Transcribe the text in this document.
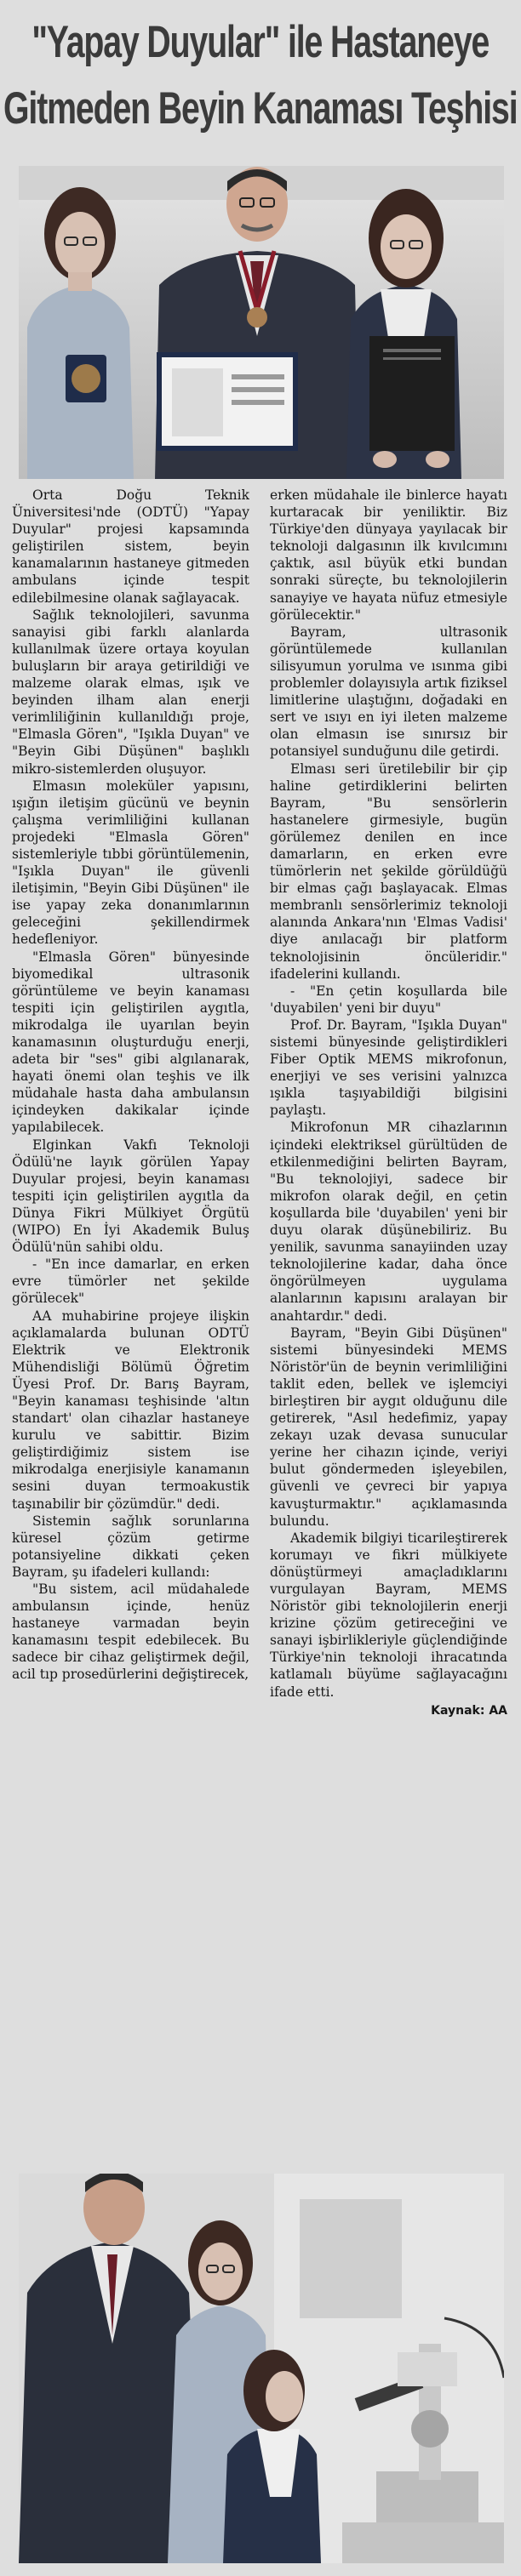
"Yapay Duyular" ile Hastaneye
Gitmeden Beyin Kanaması Teşhisi

Orta Doğu Teknik Üniversitesi'nde (ODTÜ) "Yapay Duyular" projesi kapsamında geliştirilen sistem, beyin kanamalarının hastaneye gitmeden ambulans içinde tespit edilebilmesine olanak sağlayacak.

Sağlık teknolojileri, savunma sanayisi gibi farklı alanlarda kullanılmak üzere ortaya koyulan buluşların bir araya getirildiği ve malzeme olarak elmas, ışık ve beyinden ilham alan enerji verimliliğinin kullanıldığı proje, "Elmasla Gören", "Işıkla Duyan" ve "Beyin Gibi Düşünen" başlıklı mikro-sistemlerden oluşuyor.

Elmasın moleküler yapısını, ışığın iletişim gücünü ve beynin çalışma verimliliğini kullanan projedeki "Elmasla Gören" sistemleriyle tıbbi görüntülemenin, "Işıkla Duyan" ile güvenli iletişimin, "Beyin Gibi Düşünen" ile ise yapay zeka donanımlarının geleceğini şekillendirmek hedefleniyor.

"Elmasla Gören" bünyesinde biyomedikal ultrasonik görüntüleme ve beyin kanaması tespiti için geliştirilen aygıtla, mikrodalga ile uyarılan beyin kanamasının oluşturduğu enerji, adeta bir "ses" gibi algılanarak, hayati önemi olan teşhis ve ilk müdahale hasta daha ambulansın içindeyken dakikalar içinde yapılabilecek.

Elginkan Vakfı Teknoloji Ödülü'ne layık görülen Yapay Duyular projesi, beyin kanaması tespiti için geliştirilen aygıtla da Dünya Fikri Mülkiyet Örgütü (WIPO) En İyi Akademik Buluş Ödülü'nün sahibi oldu.

- "En ince damarlar, en erken evre tümörler net şekilde görülecek"

AA muhabirine projeye ilişkin açıklamalarda bulunan ODTÜ Elektrik ve Elektronik Mühendisliği Bölümü Öğretim Üyesi Prof. Dr. Barış Bayram, "Beyin kanaması teşhisinde 'altın standart' olan cihazlar hastaneye kurulu ve sabittir. Bizim geliştirdiğimiz sistem ise mikrodalga enerjisiyle kanamanın sesini duyan termoakustik taşınabilir bir çözümdür." dedi.

Sistemin sağlık sorunlarına küresel çözüm getirme potansiyeline dikkati çeken Bayram, şu ifadeleri kullandı:

"Bu sistem, acil müdahalede ambulansın içinde, henüz hastaneye varmadan beyin kanamasını tespit edebilecek. Bu sadece bir cihaz geliştirmek değil, acil tıp prosedürlerini değiştirecek,

erken müdahale ile binlerce hayatı kurtaracak bir yeniliktir. Biz Türkiye'den dünyaya yayılacak bir teknoloji dalgasının ilk kıvılcımını çaktık, asıl büyük etki bundan sonraki süreçte, bu teknolojilerin sanayiye ve hayata nüfuz etmesiyle görülecektir."

Bayram, ultrasonik görüntülemede kullanılan silisyumun yorulma ve ısınma gibi problemler dolayısıyla artık fiziksel limitlerine ulaştığını, doğadaki en sert ve ısıyı en iyi ileten malzeme olan elmasın ise sınırsız bir potansiyel sunduğunu dile getirdi.

Elması seri üretilebilir bir çip haline getirdiklerini belirten Bayram, "Bu sensörlerin hastanelere girmesiyle, bugün görülemez denilen en ince damarların, en erken evre tümörlerin net şekilde görüldüğü bir elmas çağı başlayacak. Elmas membranlı sensörlerimiz teknoloji alanında Ankara'nın 'Elmas Vadisi' diye anılacağı bir platform teknolojisinin öncüleridir." ifadelerini kullandı.

- "En çetin koşullarda bile 'duyabilen' yeni bir duyu"

Prof. Dr. Bayram, "Işıkla Duyan" sistemi bünyesinde geliştirdikleri Fiber Optik MEMS mikrofonun, enerjiyi ve ses verisini yalnızca ışıkla taşıyabildiği bilgisini paylaştı.

Mikrofonun MR cihazlarının içindeki elektriksel gürültüden de etkilenmediğini belirten Bayram, "Bu teknolojiyi, sadece bir mikrofon olarak değil, en çetin koşullarda bile 'duyabilen' yeni bir duyu olarak düşünebiliriz. Bu yenilik, savunma sanayiinden uzay teknolojilerine kadar, daha önce öngörülmeyen uygulama alanlarının kapısını aralayan bir anahtardır." dedi.

Bayram, "Beyin Gibi Düşünen" sistemi bünyesindeki MEMS Nöristör'ün de beynin verimliliğini taklit eden, bellek ve işlemciyi birleştiren bir aygıt olduğunu dile getirerek, "Asıl hedefimiz, yapay zekayı uzak devasa sunucular yerine her cihazın içinde, veriyi bulut göndermeden işleyebilen, güvenli ve çevreci bir yapıya kavuşturmaktır." açıklamasında bulundu.

Akademik bilgiyi ticarileştirerek korumayı ve fikri mülkiyete dönüştürmeyi amaçladıklarını vurgulayan Bayram, MEMS Nöristör gibi teknolojilerin enerji krizine çözüm getireceğini ve sanayi işbirlikleriyle güçlendiğinde Türkiye'nin teknoloji ihracatında katlamalı büyüme sağlayacağını ifade etti.

Kaynak: AA
